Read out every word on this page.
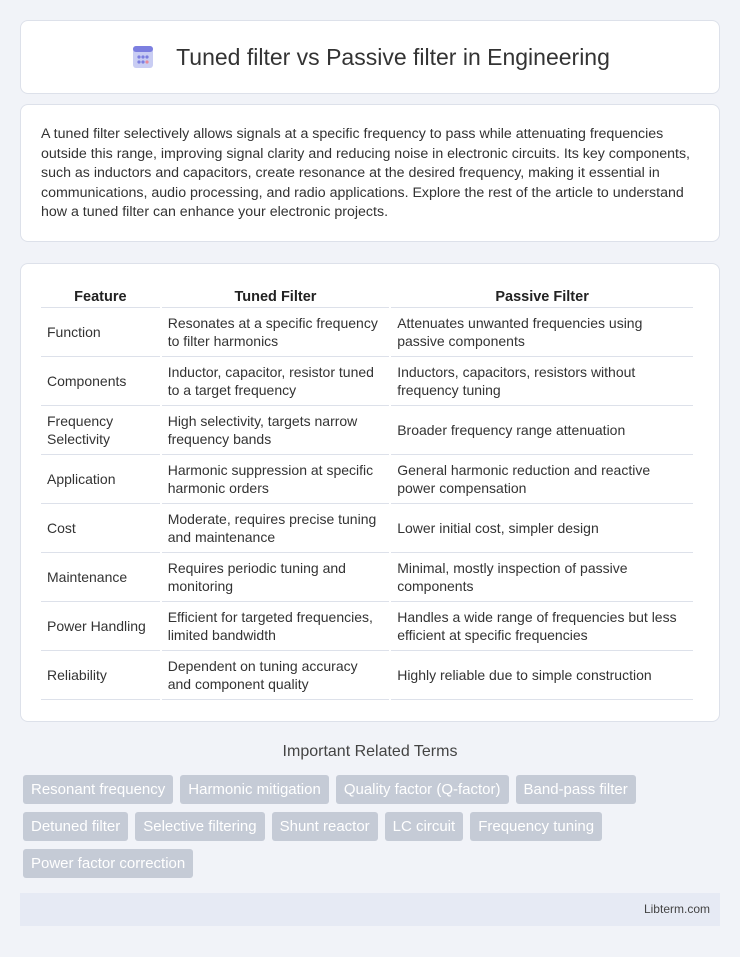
Tuned filter vs Passive filter in Engineering

A tuned filter selectively allows signals at a specific frequency to pass while attenuating frequencies outside this range, improving signal clarity and reducing noise in electronic circuits. Its key components, such as inductors and capacitors, create resonance at the desired frequency, making it essential in communications, audio processing, and radio applications. Explore the rest of the article to understand how a tuned filter can enhance your electronic projects.

Feature	Tuned Filter	Passive Filter
Function	Resonates at a specific frequency to filter harmonics	Attenuates unwanted frequencies using passive components
Components	Inductor, capacitor, resistor tuned to a target frequency	Inductors, capacitors, resistors without frequency tuning
Frequency Selectivity	High selectivity, targets narrow frequency bands	Broader frequency range attenuation
Application	Harmonic suppression at specific harmonic orders	General harmonic reduction and reactive power compensation
Cost	Moderate, requires precise tuning and maintenance	Lower initial cost, simpler design
Maintenance	Requires periodic tuning and monitoring	Minimal, mostly inspection of passive components
Power Handling	Efficient for targeted frequencies, limited bandwidth	Handles a wide range of frequencies but less efficient at specific frequencies
Reliability	Dependent on tuning accuracy and component quality	Highly reliable due to simple construction
Important Related Terms
Resonant frequency	Harmonic mitigation	Quality factor (Q-factor)	Band-pass filter
Detuned filter	Selective filtering	Shunt reactor	LC circuit	Frequency tuning
Power factor correction
Libterm.com
